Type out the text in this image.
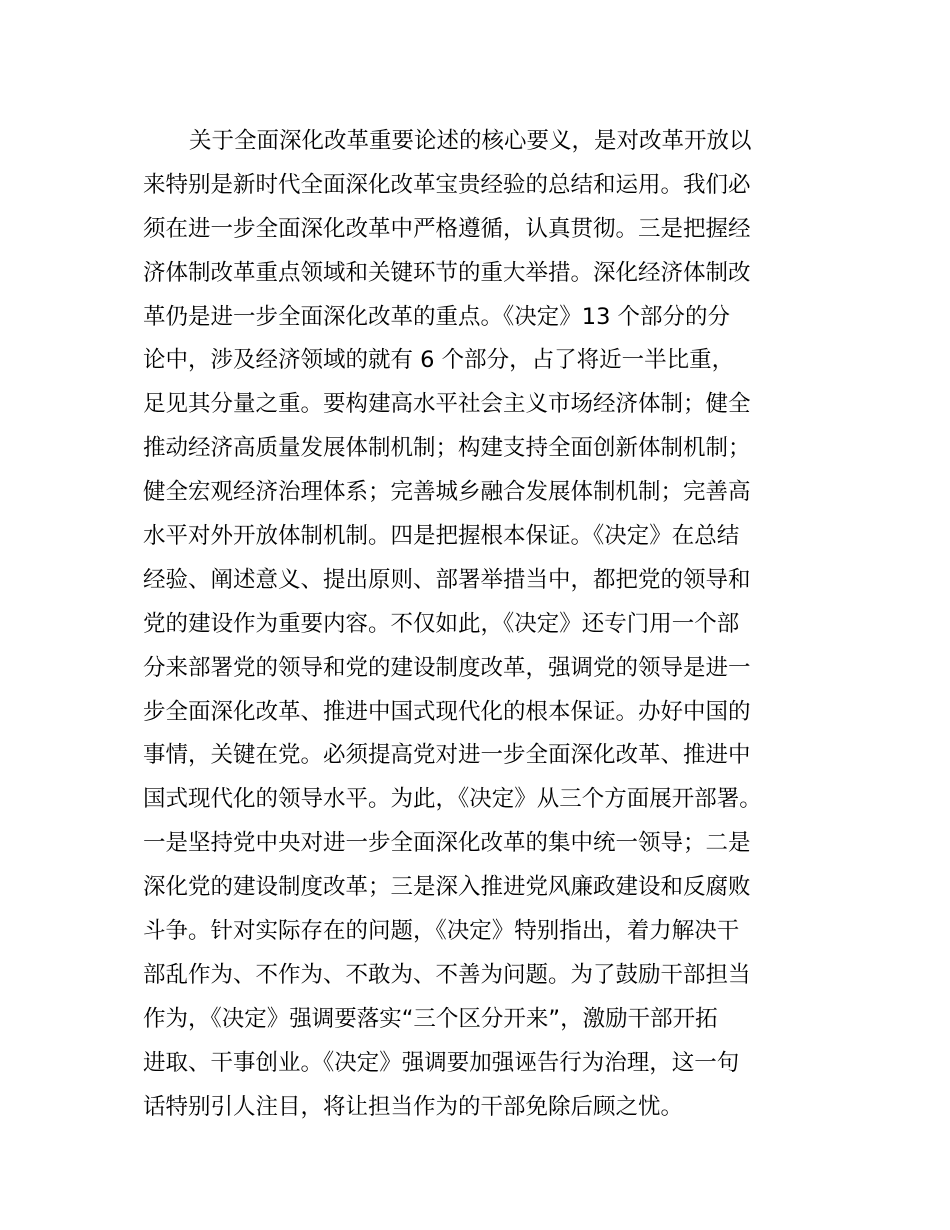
关于全面深化改革重要论述的核心要义，是对改革开放以
来特别是新时代全面深化改革宝贵经验的总结和运用。我们必
须在进一步全面深化改革中严格遵循，认真贯彻。三是把握经
济体制改革重点领域和关键环节的重大举措。深化经济体制改
革仍是进一步全面深化改革的重点。《决定》13 个部分的分
论中，涉及经济领域的就有 6 个部分，占了将近一半比重，
足见其分量之重。要构建高水平社会主义市场经济体制；健全
推动经济高质量发展体制机制；构建支持全面创新体制机制；
健全宏观经济治理体系；完善城乡融合发展体制机制；完善高
水平对外开放体制机制。四是把握根本保证。《决定》在总结
经验、阐述意义、提出原则、部署举措当中，都把党的领导和
党的建设作为重要内容。不仅如此，《决定》还专门用一个部
分来部署党的领导和党的建设制度改革，强调党的领导是进一
步全面深化改革、推进中国式现代化的根本保证。办好中国的
事情，关键在党。必须提高党对进一步全面深化改革、推进中
国式现代化的领导水平。为此，《决定》从三个方面展开部署。
一是坚持党中央对进一步全面深化改革的集中统一领导；二是
深化党的建设制度改革；三是深入推进党风廉政建设和反腐败
斗争。针对实际存在的问题，《决定》特别指出，着力解决干
部乱作为、不作为、不敢为、不善为问题。为了鼓励干部担当
作为，《决定》强调要落实“三个区分开来”，激励干部开拓
进取、干事创业。《决定》强调要加强诬告行为治理，这一句
话特别引人注目，将让担当作为的干部免除后顾之忧。
